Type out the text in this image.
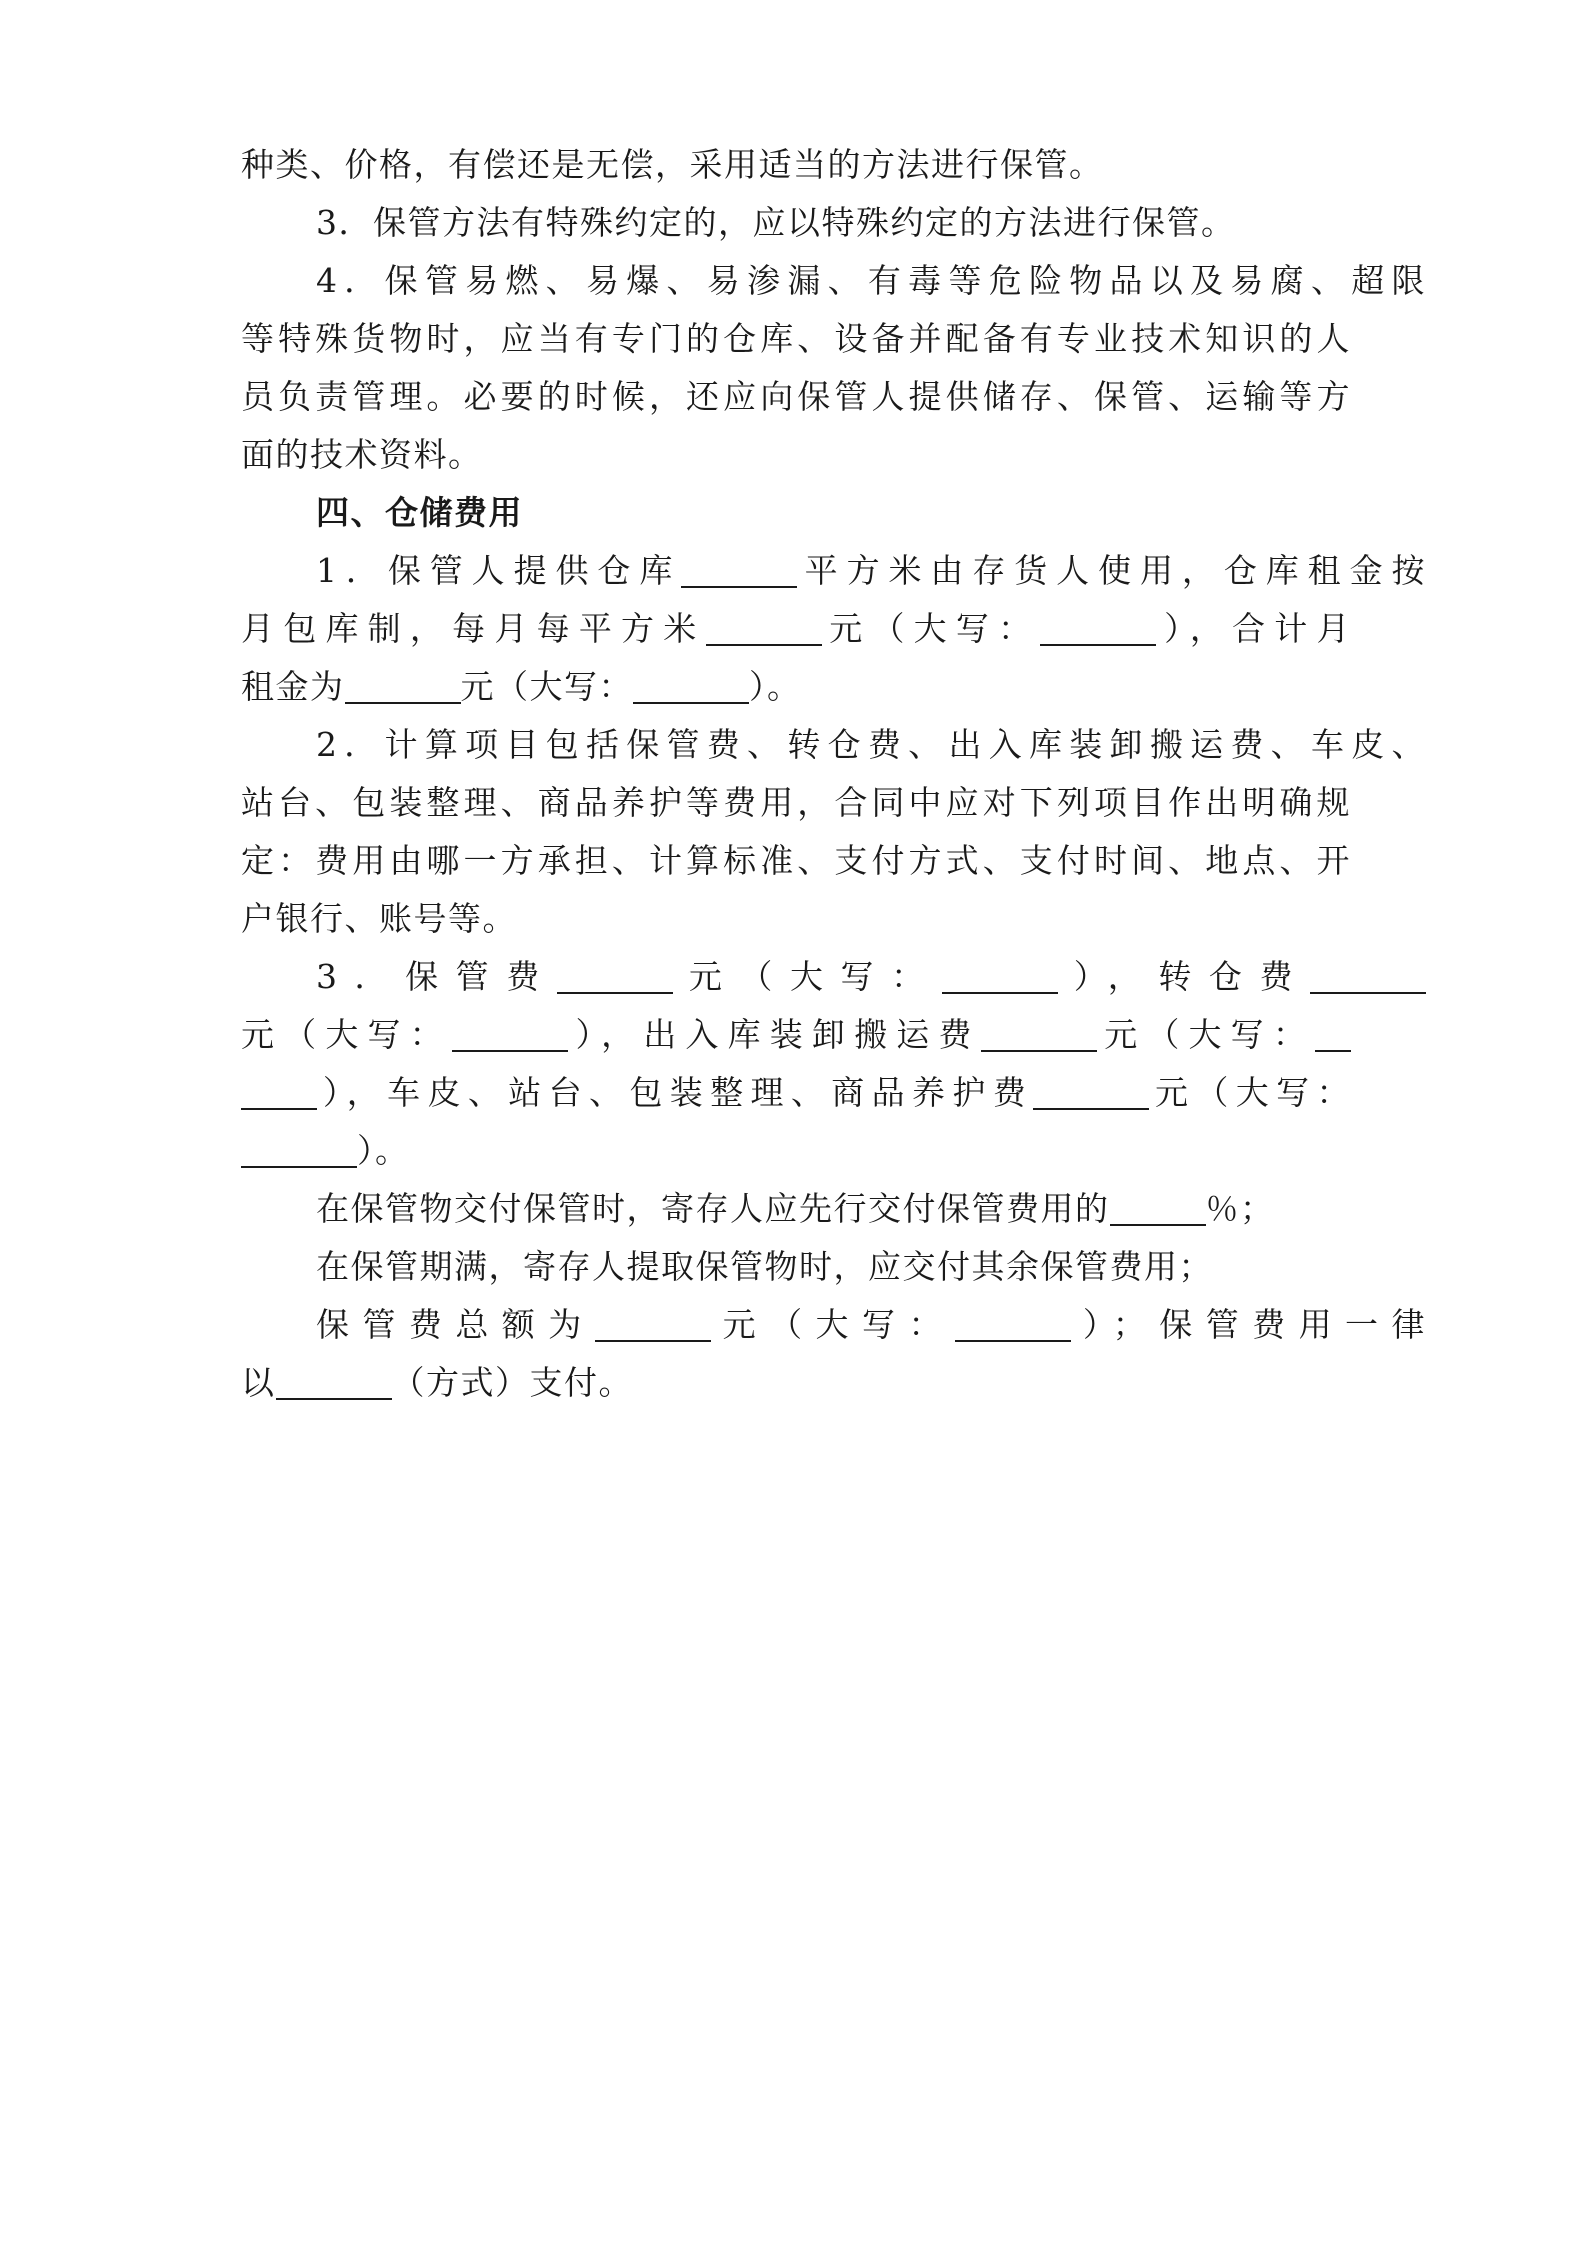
种类、价格，有偿还是无偿，采用适当的方法进行保管。
3．保管方法有特殊约定的，应以特殊约定的方法进行保管。
4．保管易燃、易爆、易渗漏、有毒等危险物品以及易腐、超限
等特殊货物时，应当有专门的仓库、设备并配备有专业技术知识的人
员负责管理。必要的时候，还应向保管人提供储存、保管、运输等方
面的技术资料。
四、仓储费用
1．保管人提供仓库	平方米由存货人使用，仓库租金按
月包库制，每月每平方米	元（大写：	），合计月
租金为	元（大写：	）。
2．计算项目包括保管费、转仓费、出入库装卸搬运费、车皮、
站台、包装整理、商品养护等费用，合同中应对下列项目作出明确规
定：费用由哪一方承担、计算标准、支付方式、支付时间、地点、开
户银行、账号等。
3．保管费	元（大写：	），转仓费
元（大写：	），出入库装卸搬运费	元（大写：
），车皮、站台、包装整理、商品养护费	元（大写：
）。
在保管物交付保管时，寄存人应先行交付保管费用的	％；
在保管期满，寄存人提取保管物时，应交付其余保管费用；
保管费总额为	元（大写：	）；保管费用一律
以	（方式）支付。
